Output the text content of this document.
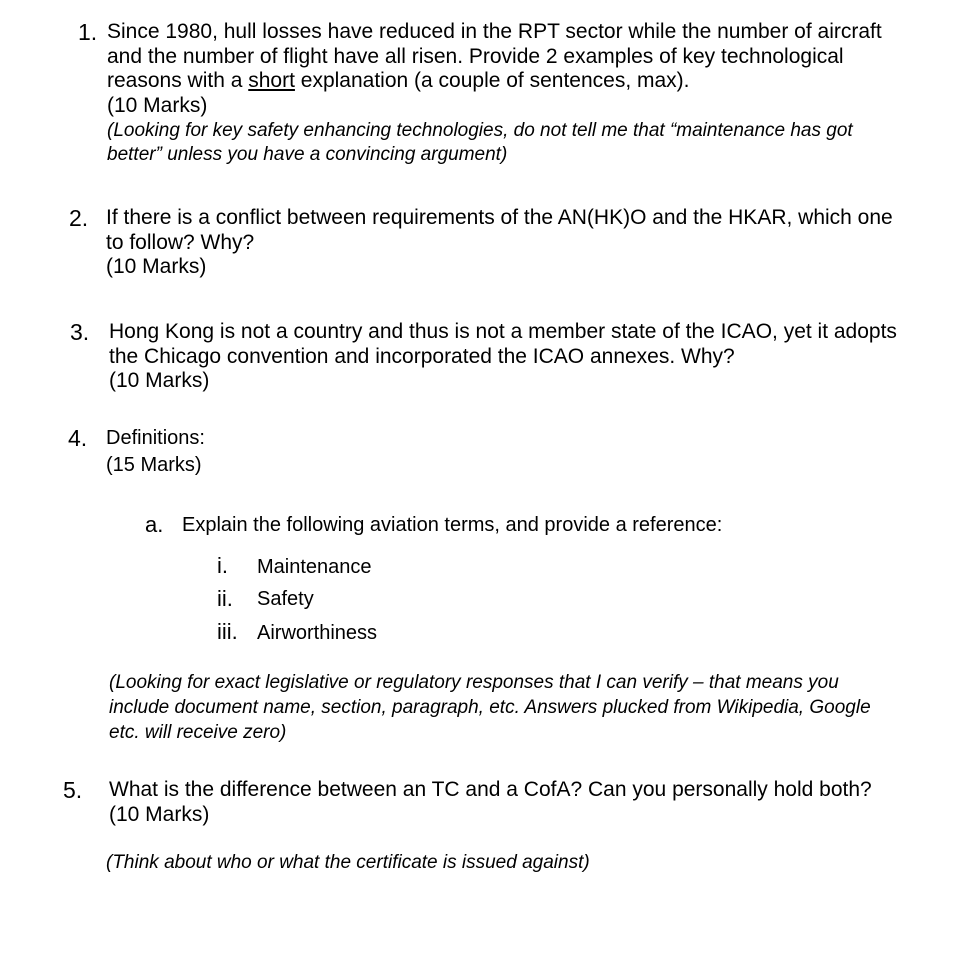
1. Since 1980, hull losses have reduced in the RPT sector while the number of aircraft
and the number of flight have all risen. Provide 2 examples of key technological
reasons with a short explanation (a couple of sentences, max).
(10 Marks)
(Looking for key safety enhancing technologies, do not tell me that “maintenance has got
better” unless you have a convincing argument)
2. If there is a conflict between requirements of the AN(HK)O and the HKAR, which one
to follow? Why?
(10 Marks)
3. Hong Kong is not a country and thus is not a member state of the ICAO, yet it adopts
the Chicago convention and incorporated the ICAO annexes. Why?
(10 Marks)
4. Definitions:
(15 Marks)
a. Explain the following aviation terms, and provide a reference:
i. Maintenance
ii. Safety
iii. Airworthiness
(Looking for exact legislative or regulatory responses that I can verify – that means you
include document name, section, paragraph, etc. Answers plucked from Wikipedia, Google
etc. will receive zero)
5. What is the difference between an TC and a CofA? Can you personally hold both?
(10 Marks)
(Think about who or what the certificate is issued against)
